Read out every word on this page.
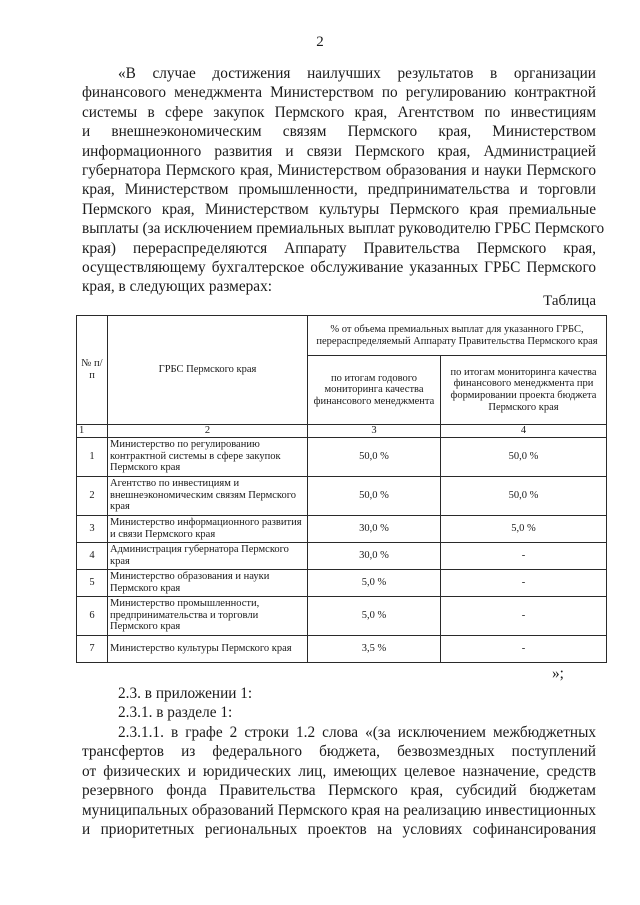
2
«В случае достижения наилучших результатов в организации
финансового менеджмента Министерством по регулированию контрактной
системы в сфере закупок Пермского края, Агентством по инвестициям
и внешнеэкономическим связям Пермского края, Министерством
информационного развития и связи Пермского края, Администрацией
губернатора Пермского края, Министерством образования и науки Пермского
края, Министерством промышленности, предпринимательства и торговли
Пермского края, Министерством культуры Пермского края премиальные
выплаты (за исключением премиальных выплат руководителю ГРБС Пермского
края) перераспределяются Аппарату Правительства Пермского края,
осуществляющему бухгалтерское обслуживание указанных ГРБС Пермского
края, в следующих размерах:
Таблица
№ п/п	ГРБС Пермского края	% от объема премиальных выплат для указанного ГРБС, перераспределяемый Аппарату Правительства Пермского края	
		по итогам годового мониторинга качества финансового менеджмента	по итогам мониторинга качества финансового менеджмента при формировании проекта бюджета Пермского края
1	2	3	4
1	Министерство по регулированию контрактной системы в сфере закупок Пермского края	50,0 %	50,0 %
2	Агентство по инвестициям и внешнеэкономическим связям Пермского края	50,0 %	50,0 %
3	Министерство информационного развития и связи Пермского края	30,0 %	5,0 %
4	Администрация губернатора Пермского края	30,0 %	-
5	Министерство образования и науки Пермского края	5,0 %	-
6	Министерство промышленности, предпринимательства и торговли Пермского края	5,0 %	-
7	Министерство культуры Пермского края	3,5 %	-
»;
2.3. в приложении 1:
2.3.1. в разделе 1:
2.3.1.1. в графе 2 строки 1.2 слова «(за исключением межбюджетных
трансфертов из федерального бюджета, безвозмездных поступлений
от физических и юридических лиц, имеющих целевое назначение, средств
резервного фонда Правительства Пермского края, субсидий бюджетам
муниципальных образований Пермского края на реализацию инвестиционных
и приоритетных региональных проектов на условиях софинансирования
